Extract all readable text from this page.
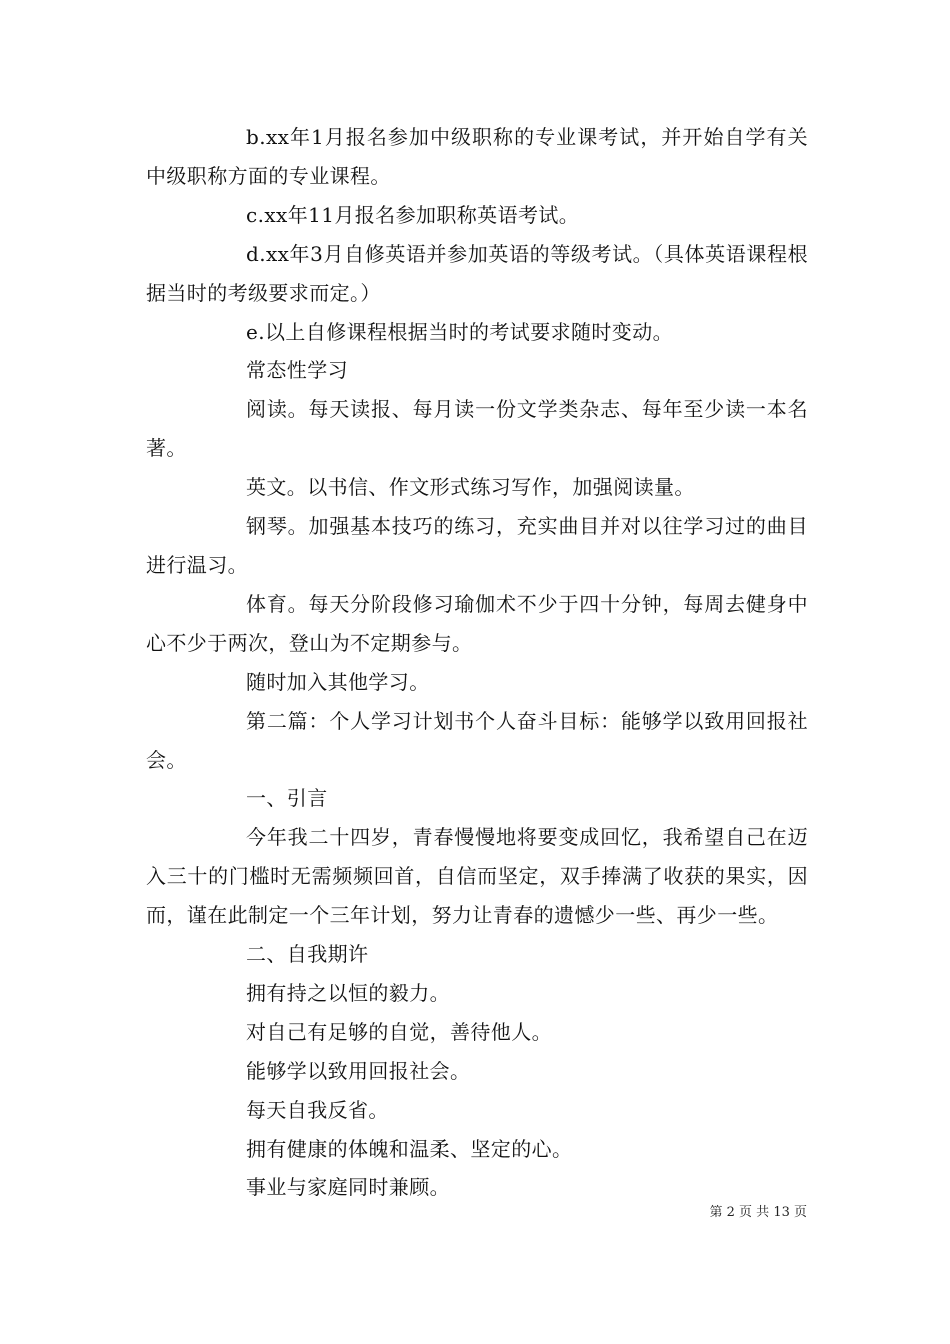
b.xx年1月报名参加中级职称的专业课考试，并开始自学有关中级职称方面的专业课程。

c.xx年11月报名参加职称英语考试。

d.xx年3月自修英语并参加英语的等级考试。（具体英语课程根据当时的考级要求而定。）

e.以上自修课程根据当时的考试要求随时变动。

常态性学习

阅读。每天读报、每月读一份文学类杂志、每年至少读一本名著。

英文。以书信、作文形式练习写作，加强阅读量。

钢琴。加强基本技巧的练习，充实曲目并对以往学习过的曲目进行温习。

体育。每天分阶段修习瑜伽术不少于四十分钟，每周去健身中心不少于两次，登山为不定期参与。

随时加入其他学习。

第二篇：个人学习计划书个人奋斗目标：能够学以致用回报社会。

一、引言

今年我二十四岁，青春慢慢地将要变成回忆，我希望自己在迈入三十的门槛时无需频频回首，自信而坚定，双手捧满了收获的果实，因而，谨在此制定一个三年计划，努力让青春的遗憾少一些、再少一些。

二、自我期许

拥有持之以恒的毅力。

对自己有足够的自觉，善待他人。

能够学以致用回报社会。

每天自我反省。

拥有健康的体魄和温柔、坚定的心。

事业与家庭同时兼顾。

第 2 页 共 13 页
